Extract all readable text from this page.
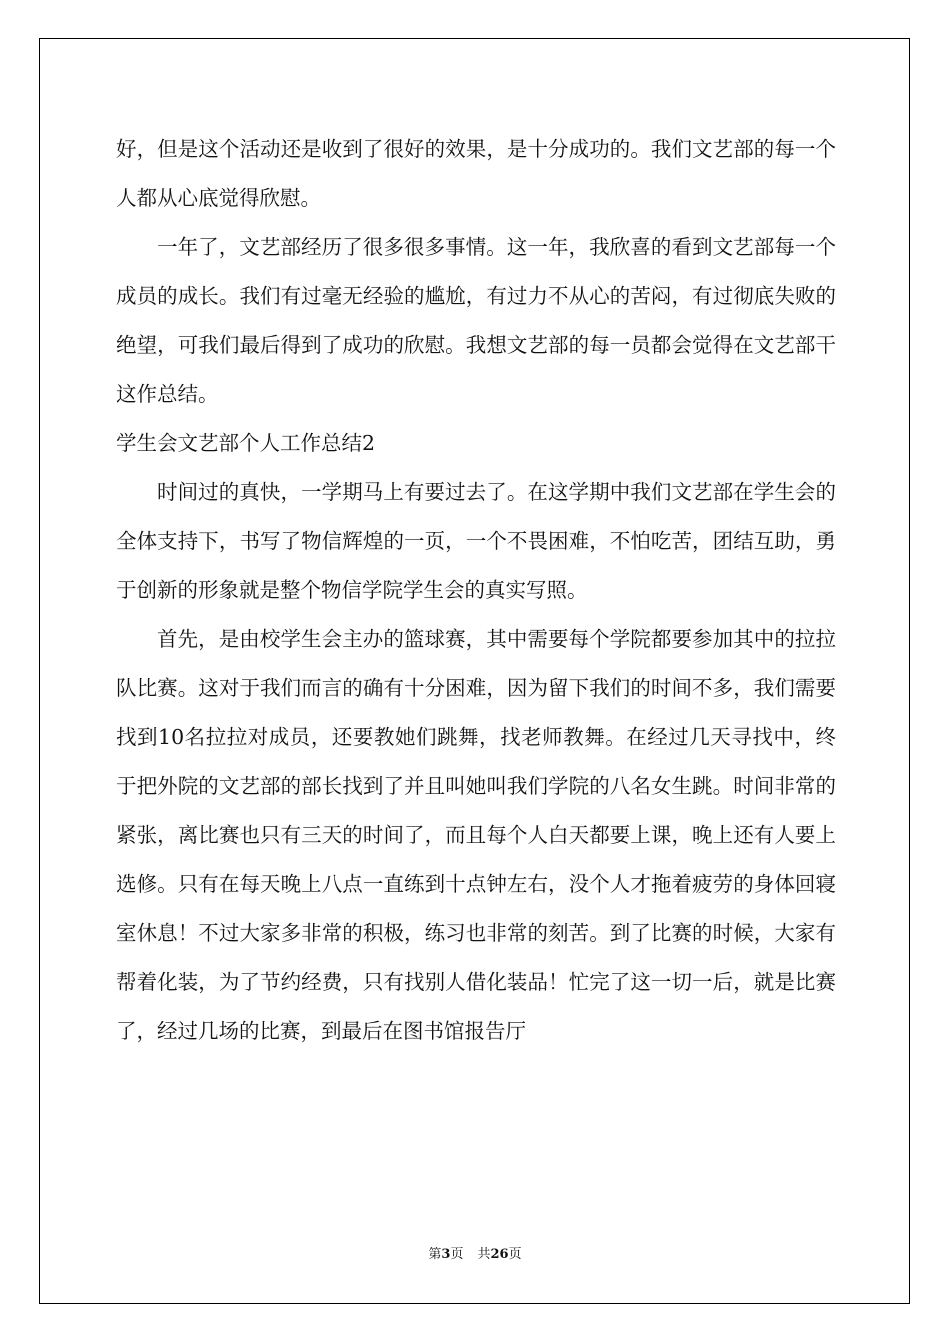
好，但是这个活动还是收到了很好的效果，是十分成功的。我们文艺部的每一个人都从心底觉得欣慰。

一年了，文艺部经历了很多很多事情。这一年，我欣喜的看到文艺部每一个成员的成长。我们有过毫无经验的尴尬，有过力不从心的苦闷，有过彻底失败的绝望，可我们最后得到了成功的欣慰。我想文艺部的每一员都会觉得在文艺部干这作总结。

学生会文艺部个人工作总结2

时间过的真快，一学期马上有要过去了。在这学期中我们文艺部在学生会的全体支持下，书写了物信辉煌的一页，一个不畏困难，不怕吃苦，团结互助，勇于创新的形象就是整个物信学院学生会的真实写照。

首先，是由校学生会主办的篮球赛，其中需要每个学院都要参加其中的拉拉队比赛。这对于我们而言的确有十分困难，因为留下我们的时间不多，我们需要找到10名拉拉对成员，还要教她们跳舞，找老师教舞。在经过几天寻找中，终于把外院的文艺部的部长找到了并且叫她叫我们学院的八名女生跳。时间非常的紧张，离比赛也只有三天的时间了，而且每个人白天都要上课，晚上还有人要上选修。只有在每天晚上八点一直练到十点钟左右，没个人才拖着疲劳的身体回寝室休息！不过大家多非常的积极，练习也非常的刻苦。到了比赛的时候，大家有帮着化装，为了节约经费，只有找别人借化装品！忙完了这一切一后，就是比赛了，经过几场的比赛，到最后在图书馆报告厅

第3页 共26页
